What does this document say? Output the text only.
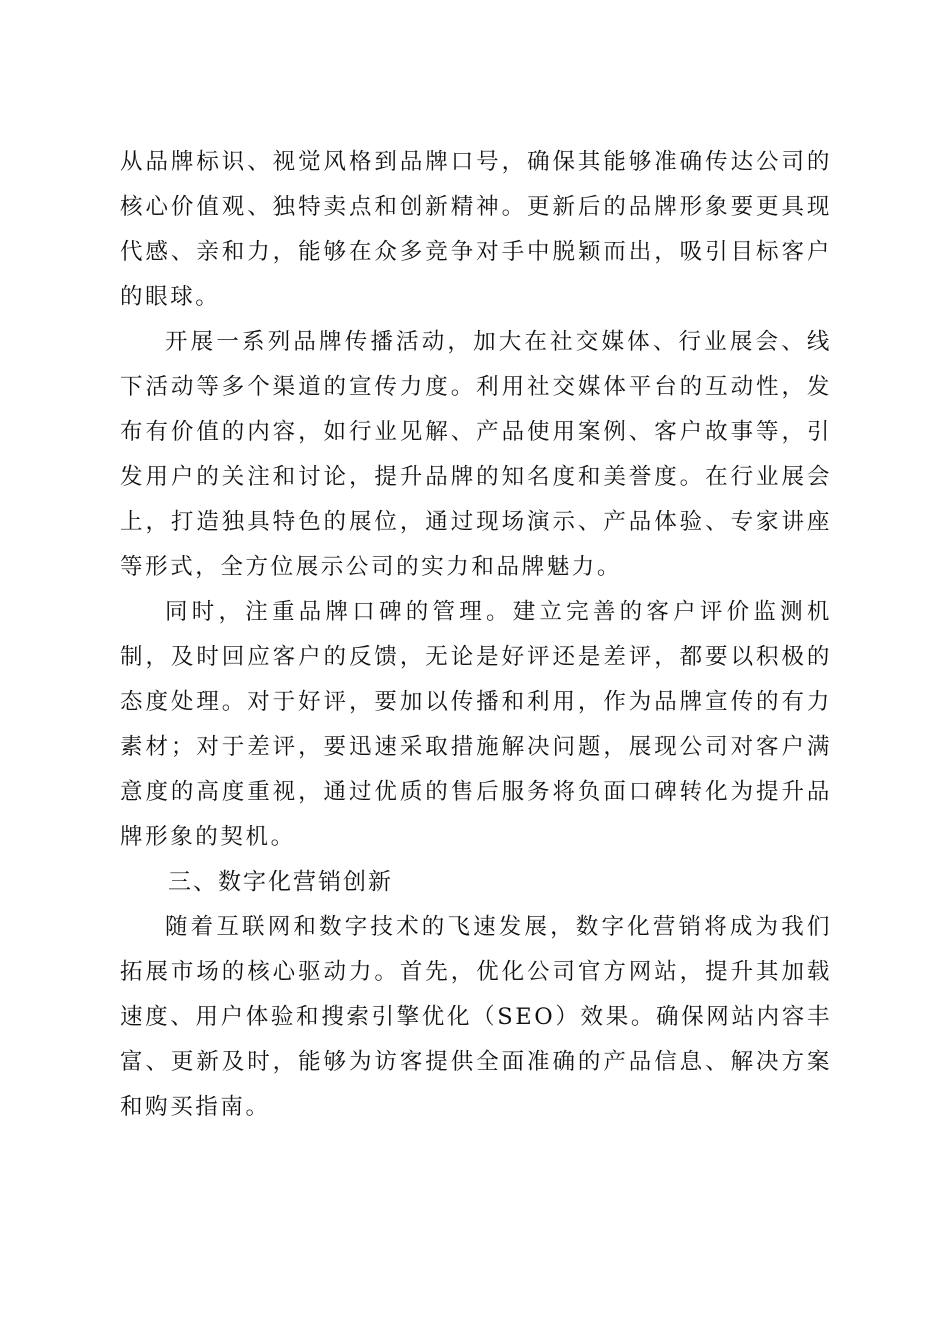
从品牌标识、视觉风格到品牌口号，确保其能够准确传达公司的核心价值观、独特卖点和创新精神。更新后的品牌形象要更具现代感、亲和力，能够在众多竞争对手中脱颖而出，吸引目标客户的眼球。

开展一系列品牌传播活动，加大在社交媒体、行业展会、线下活动等多个渠道的宣传力度。利用社交媒体平台的互动性，发布有价值的内容，如行业见解、产品使用案例、客户故事等，引发用户的关注和讨论，提升品牌的知名度和美誉度。在行业展会上，打造独具特色的展位，通过现场演示、产品体验、专家讲座等形式，全方位展示公司的实力和品牌魅力。

同时，注重品牌口碑的管理。建立完善的客户评价监测机制，及时回应客户的反馈，无论是好评还是差评，都要以积极的态度处理。对于好评，要加以传播和利用，作为品牌宣传的有力素材；对于差评，要迅速采取措施解决问题，展现公司对客户满意度的高度重视，通过优质的售后服务将负面口碑转化为提升品牌形象的契机。

三、数字化营销创新

随着互联网和数字技术的飞速发展，数字化营销将成为我们拓展市场的核心驱动力。首先，优化公司官方网站，提升其加载速度、用户体验和搜索引擎优化（SEO）效果。确保网站内容丰富、更新及时，能够为访客提供全面准确的产品信息、解决方案和购买指南。
